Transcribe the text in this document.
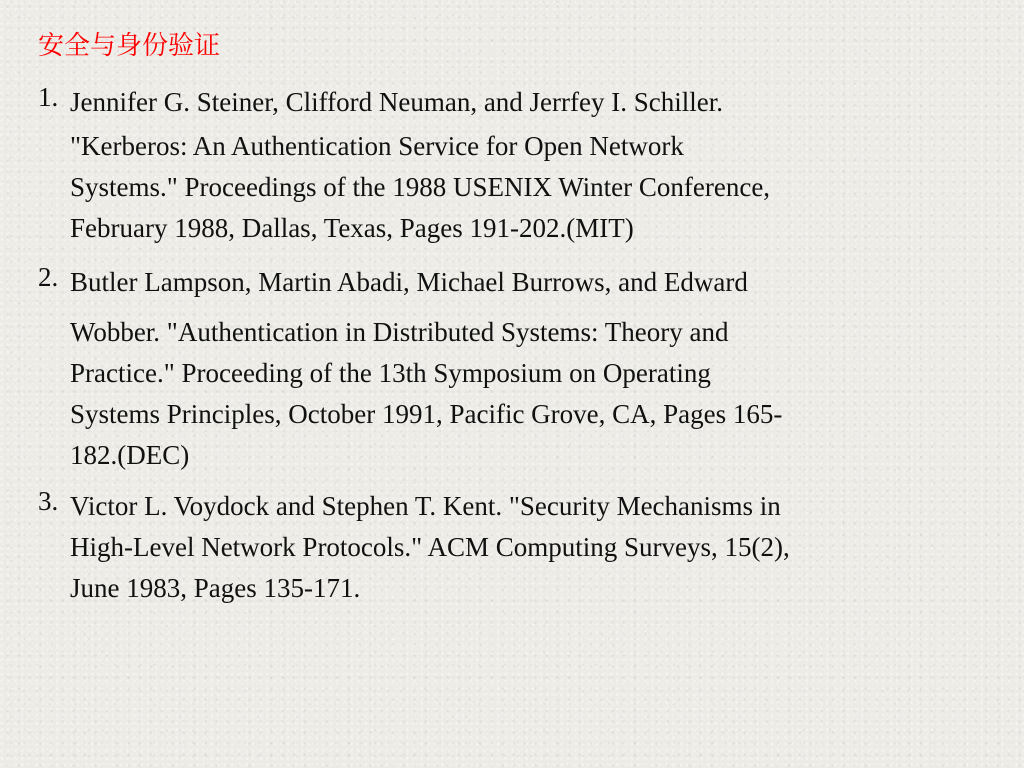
安全与身份验证
1. Jennifer G. Steiner, Clifford Neuman, and Jerrfey I. Schiller.
"Kerberos: An Authentication Service for Open Network
Systems." Proceedings of the 1988 USENIX Winter Conference,
February 1988, Dallas, Texas, Pages 191-202.(MIT)
2. Butler Lampson, Martin Abadi, Michael Burrows, and Edward
Wobber. "Authentication in Distributed Systems: Theory and
Practice." Proceeding of the 13th Symposium on Operating
Systems Principles, October 1991, Pacific Grove, CA, Pages 165-
182.(DEC)
3. Victor L. Voydock and Stephen T. Kent. "Security Mechanisms in
High-Level Network Protocols." ACM Computing Surveys, 15(2),
June 1983, Pages 135-171.
